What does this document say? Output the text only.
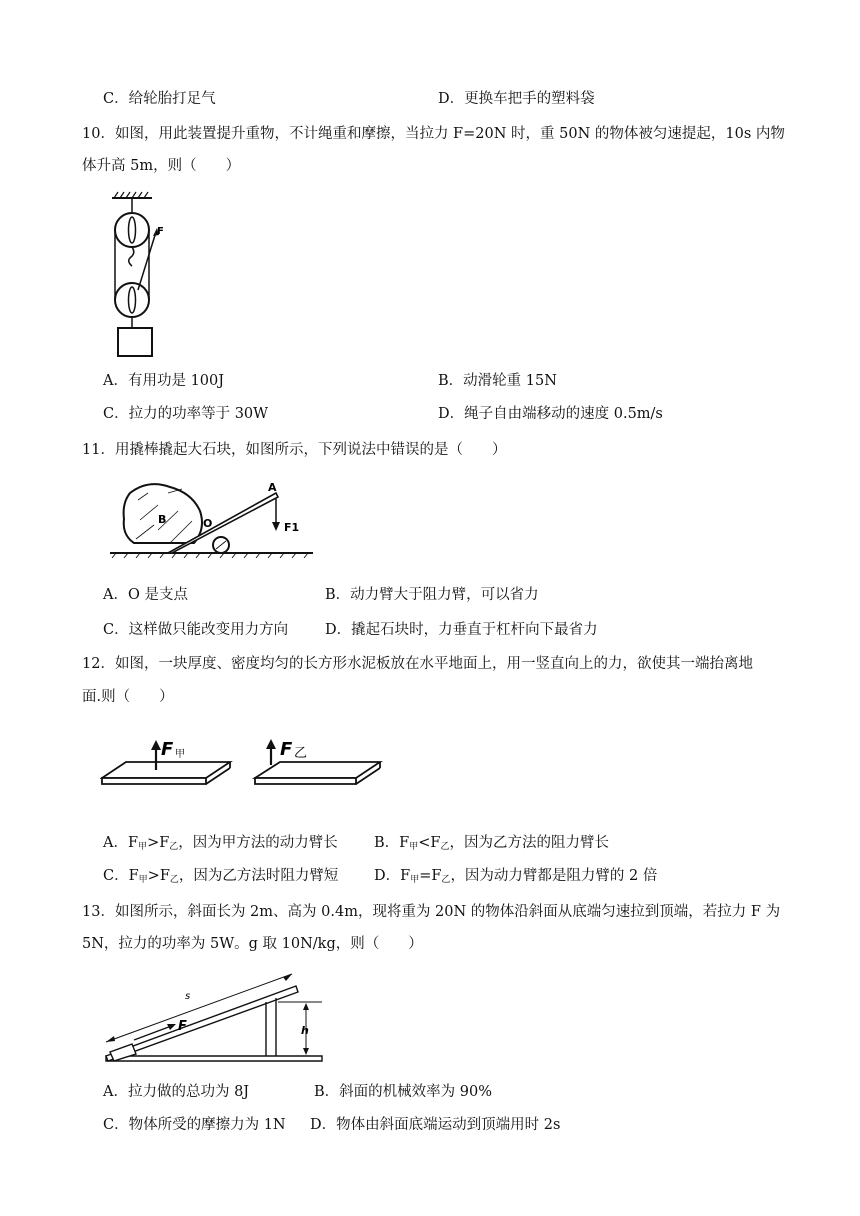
C．给轮胎打足气	D．更换车把手的塑料袋
10．如图，用此装置提升重物，不计绳重和摩擦，当拉力 F=20N 时，重 50N 的物体被匀速提起，10s 内物
体升高 5m，则（　　）
F
A．有用功是 100J	B．动滑轮重 15N
C．拉力的功率等于 30W	D．绳子自由端移动的速度 0.5m/s
11．用撬棒撬起大石块，如图所示，下列说法中错误的是（　　）
B	O
A
F1
A．O 是支点	B．动力臂大于阻力臂，可以省力
C．这样做只能改变用力方向	D．撬起石块时，力垂直于杠杆向下最省力
12．如图，一块厚度、密度均匀的长方形水泥板放在水平地面上，用一竖直向上的力，欲使其一端抬离地
面.则（　　）
F 甲	F 乙
A．$F_甲>F_乙$，因为甲方法的动力臂长 B．$F_甲<F_乙$，因为乙方法的阻力臂长
C．$F_甲>F_乙$，因为乙方法时阻力臂短 D．$F_甲=F_乙$，因为动力臂都是阻力臂的 2 倍
13．如图所示，斜面长为 2m、高为 0.4m，现将重为 20N 的物体沿斜面从底端匀速拉到顶端，若拉力 F 为
5N，拉力的功率为 5W。g 取 10N/kg，则（　　）
s
F	h
A．拉力做的总功为 8J	B．斜面的机械效率为 90%
C．物体所受的摩擦力为 1N D．物体由斜面底端运动到顶端用时 2s
